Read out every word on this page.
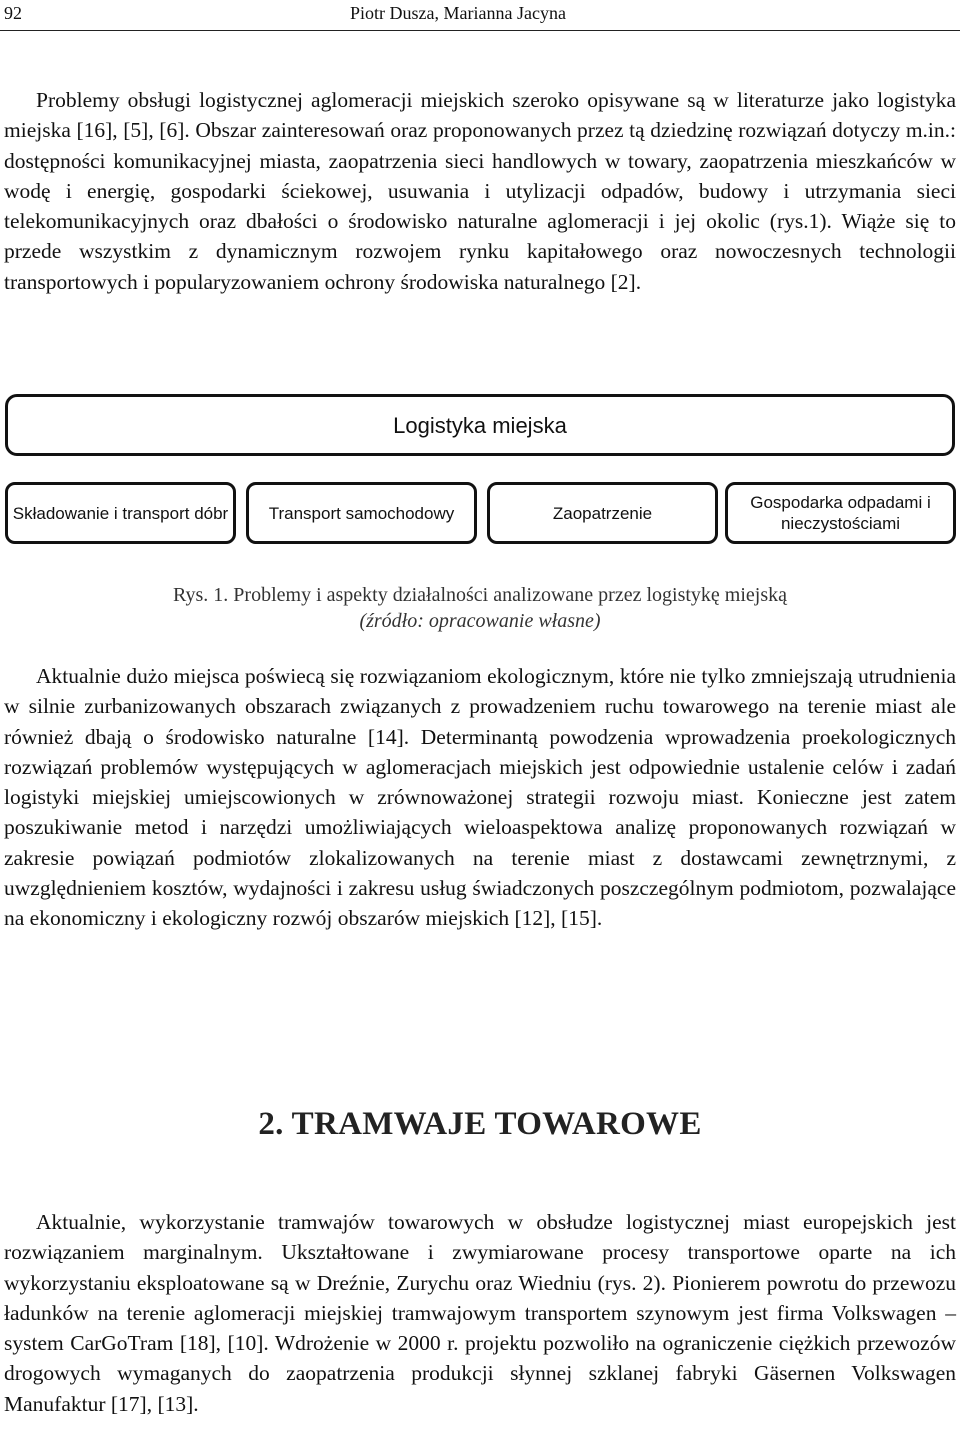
92	Piotr Dusza, Marianna Jacyna

Problemy obsługi logistycznej aglomeracji miejskich szeroko opisywane są w literaturze jako logistyka miejska [16], [5], [6]. Obszar zainteresowań oraz proponowanych przez tą dziedzinę rozwiązań dotyczy m.in.: dostępności komunikacyjnej miasta, zaopatrzenia sieci handlowych w towary, zaopatrzenia mieszkańców w wodę i energię, gospodarki ściekowej, usuwania i utylizacji odpadów, budowy i utrzymania sieci telekomunikacyjnych oraz dbałości o środowisko naturalne aglomeracji i jej okolic (rys.1). Wiąże się to przede wszystkim z dynamicznym rozwojem rynku kapitałowego oraz nowoczesnych technologii transportowych i popularyzowaniem ochrony środowiska naturalnego [2].

Logistyka miejska
Składowanie i transport dóbr	Transport samochodowy	Zaopatrzenie
Gospodarka odpadami i nieczystościami
Rys. 1. Problemy i aspekty działalności analizowane przez logistykę miejską
(źródło: opracowanie własne)

Aktualnie dużo miejsca poświecą się rozwiązaniom ekologicznym, które nie tylko zmniejszają utrudnienia w silnie zurbanizowanych obszarach związanych z prowadzeniem ruchu towarowego na terenie miast ale również dbają o środowisko naturalne [14]. Determinantą powodzenia wprowadzenia proekologicznych rozwiązań problemów występujących w aglomeracjach miejskich jest odpowiednie ustalenie celów i zadań logistyki miejskiej umiejscowionych w zrównoważonej strategii rozwoju miast. Konieczne jest zatem poszukiwanie metod i narzędzi umożliwiających wieloaspektowa analizę proponowanych rozwiązań w zakresie powiązań podmiotów zlokalizowanych na terenie miast z dostawcami zewnętrznymi, z uwzględnieniem kosztów, wydajności i zakresu usług świadczonych poszczególnym podmiotom, pozwalające na ekonomiczny i ekologiczny rozwój obszarów miejskich [12], [15].

2. TRAMWAJE TOWAROWE

Aktualnie, wykorzystanie tramwajów towarowych w obsłudze logistycznej miast europejskich jest rozwiązaniem marginalnym. Ukształtowane i zwymiarowane procesy transportowe oparte na ich wykorzystaniu eksploatowane są w Dreźnie, Zurychu oraz Wiedniu (rys. 2). Pionierem powrotu do przewozu ładunków na terenie aglomeracji miejskiej tramwajowym transportem szynowym jest firma Volkswagen – system CarGoTram [18], [10]. Wdrożenie w 2000 r. projektu pozwoliło na ograniczenie ciężkich przewozów drogowych wymaganych do zaopatrzenia produkcji słynnej szklanej fabryki Gäsernen Volkswagen Manufaktur [17], [13].
